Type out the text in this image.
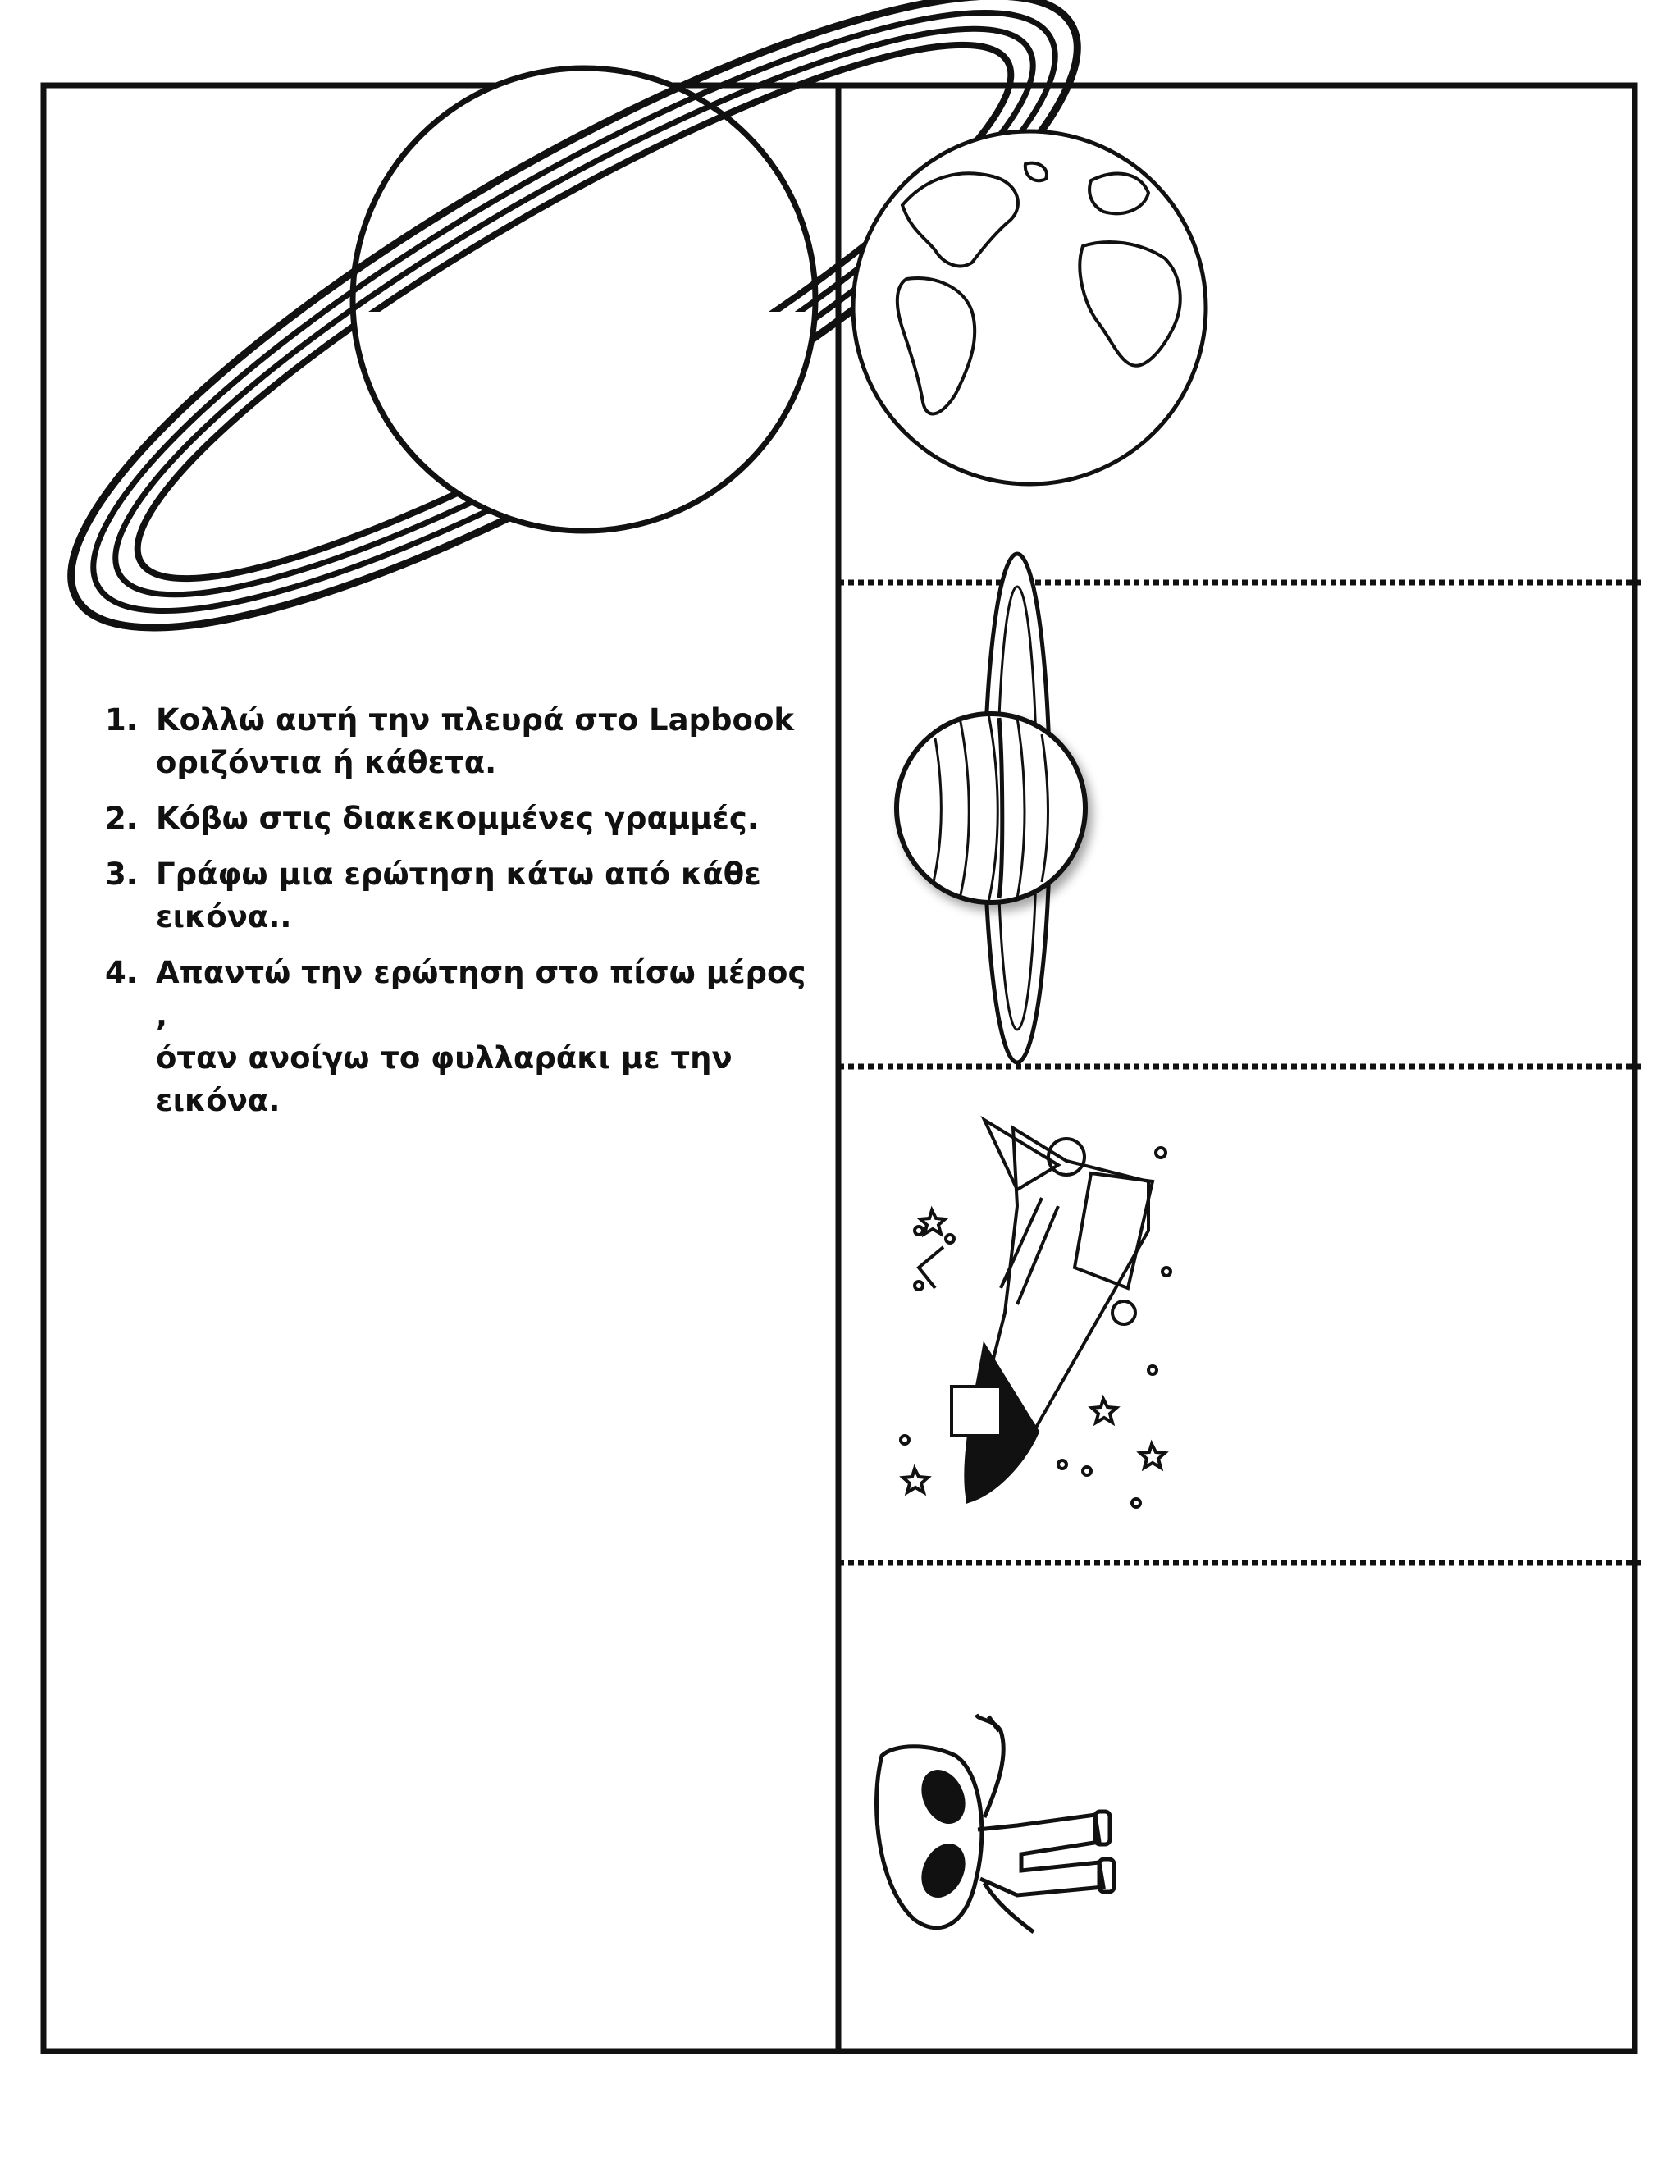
1. Κολλώ αυτή την πλευρά στο Lapbook
οριζόντια ή κάθετα.
2. Κόβω στις διακεκομμένες γραμμές.
3. Γράφω μια ερώτηση κάτω από κάθε
εικόνα..
4. Απαντώ την ερώτηση στο πίσω μέρος ,
όταν ανοίγω το φυλλαράκι με την εικόνα.
